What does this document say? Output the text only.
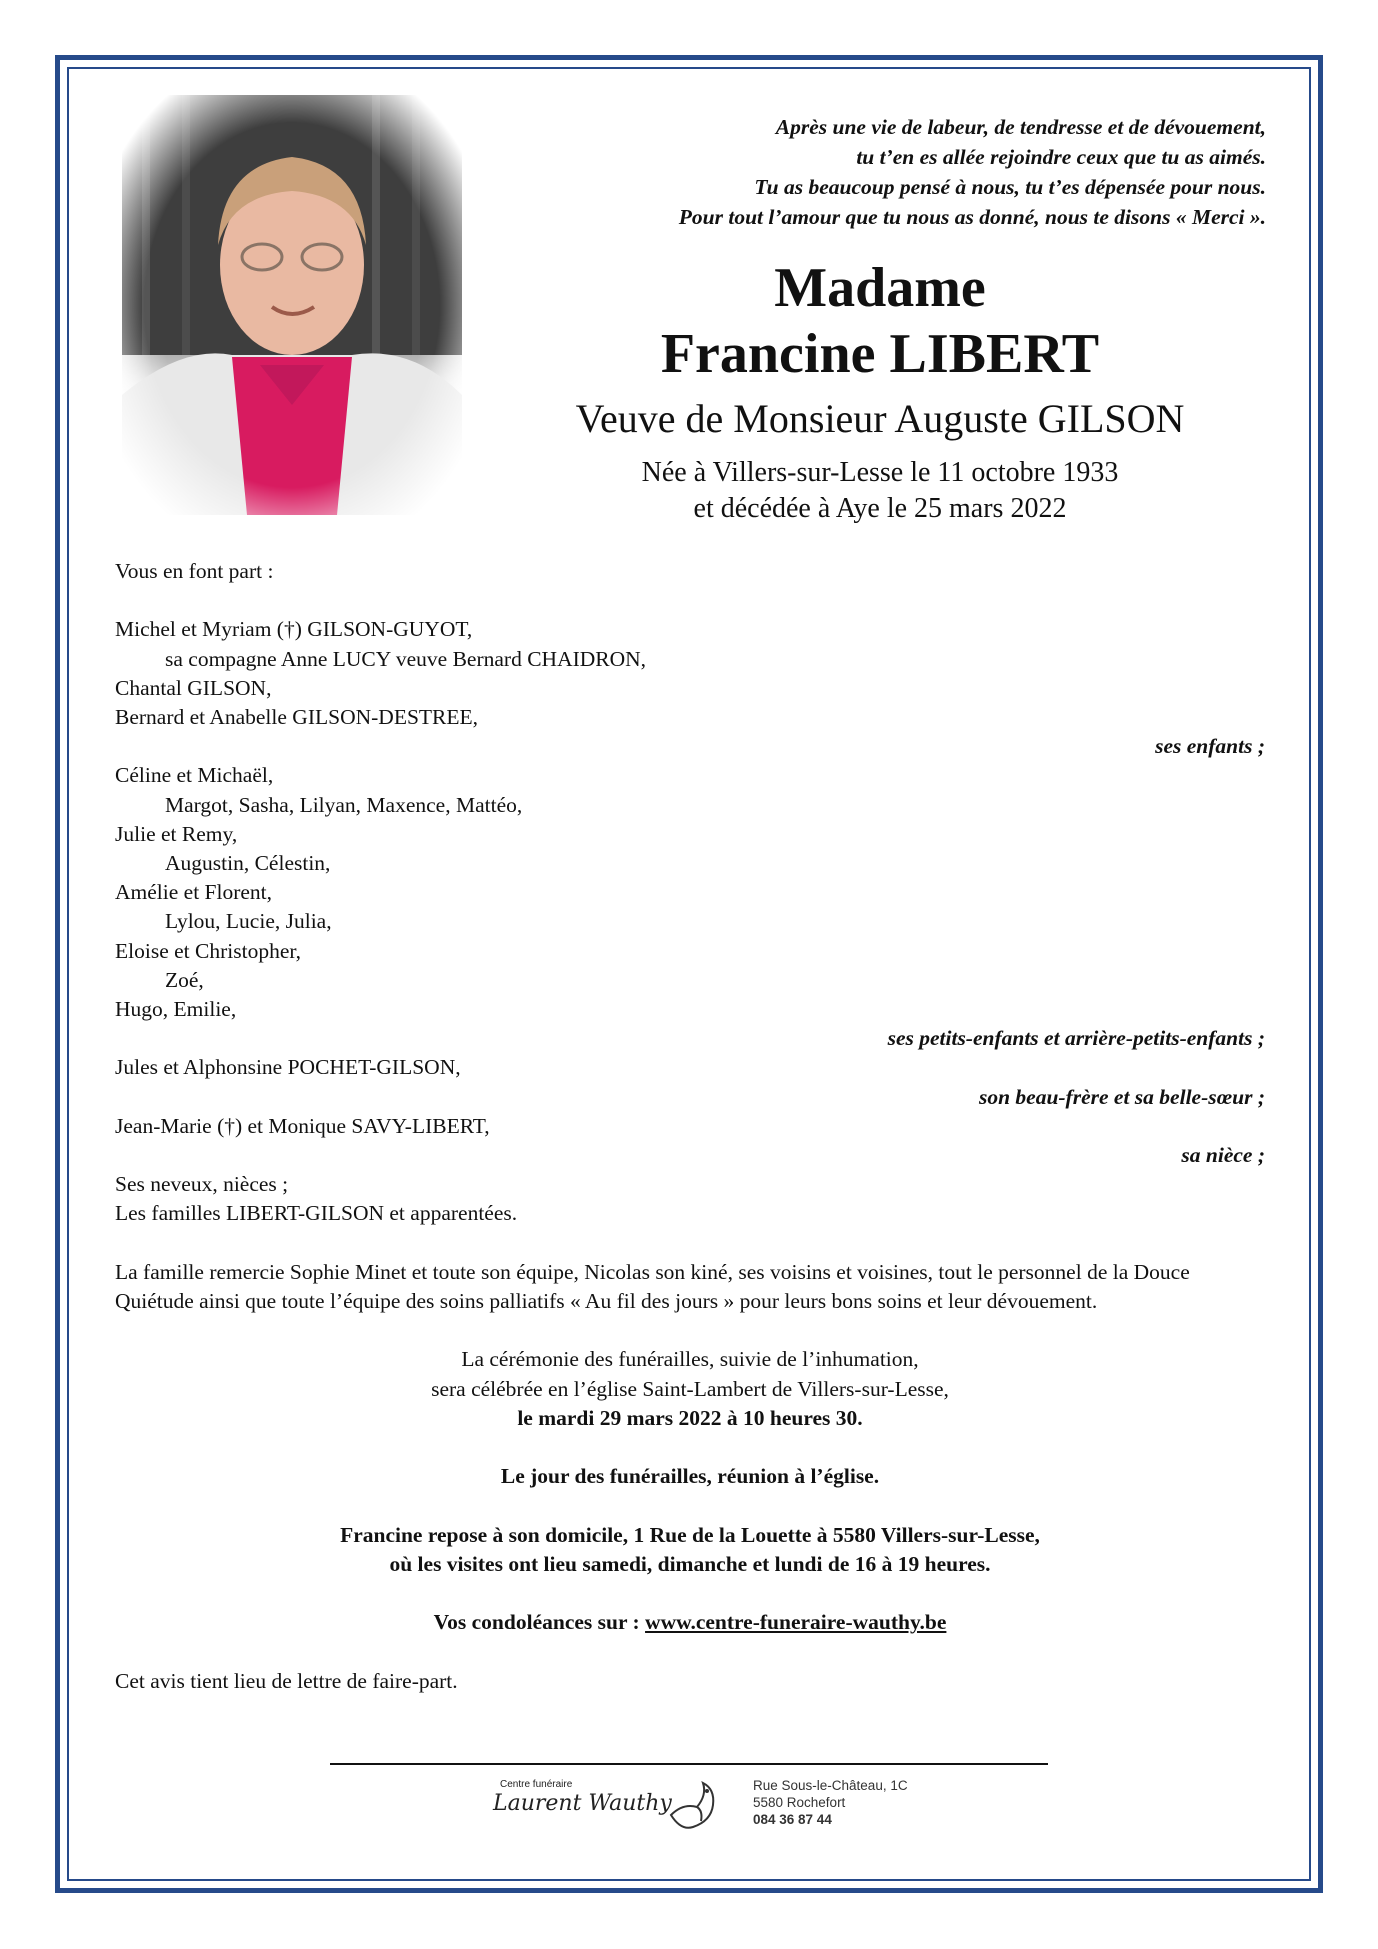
Après une vie de labeur, de tendresse et de dévouement,
tu t’en es allée rejoindre ceux que tu as aimés.
Tu as beaucoup pensé à nous, tu t’es dépensée pour nous.
Pour tout l’amour que tu nous as donné, nous te disons « Merci ».
Madame
Francine LIBERT
Veuve de Monsieur Auguste GILSON
Née à Villers-sur-Lesse le 11 octobre 1933
et décédée à Aye le 25 mars 2022
Vous en font part :
Michel et Myriam (†) GILSON-GUYOT,
sa compagne Anne LUCY veuve Bernard CHAIDRON,
Chantal GILSON,
Bernard et Anabelle GILSON-DESTREE,
ses enfants ;
Céline et Michaël,
Margot, Sasha, Lilyan, Maxence, Mattéo,
Julie et Remy,
Augustin, Célestin,
Amélie et Florent,
Lylou, Lucie, Julia,
Eloise et Christopher,
Zoé,
Hugo, Emilie,
ses petits-enfants et arrière-petits-enfants ;
Jules et Alphonsine POCHET-GILSON,
son beau-frère et sa belle-sœur ;
Jean-Marie (†) et Monique SAVY-LIBERT,
sa nièce ;
Ses neveux, nièces ;
Les familles LIBERT-GILSON et apparentées.
La famille remercie Sophie Minet et toute son équipe, Nicolas son kiné, ses voisins et voisines, tout le personnel de la Douce Quiétude ainsi que toute l’équipe des soins palliatifs « Au fil des jours » pour leurs bons soins et leur dévouement.
La cérémonie des funérailles, suivie de l’inhumation,
sera célébrée en l’église Saint-Lambert de Villers-sur-Lesse,
le mardi 29 mars 2022 à 10 heures 30.
Le jour des funérailles, réunion à l’église.
Francine repose à son domicile, 1 Rue de la Louette à 5580 Villers-sur-Lesse,
où les visites ont lieu samedi, dimanche et lundi de 16 à 19 heures.
Vos condoléances sur : www.centre-funeraire-wauthy.be
Cet avis tient lieu de lettre de faire-part.
Centre funéraire
Laurent Wauthy
Rue Sous-le-Château, 1C
5580 Rochefort
084 36 87 44
